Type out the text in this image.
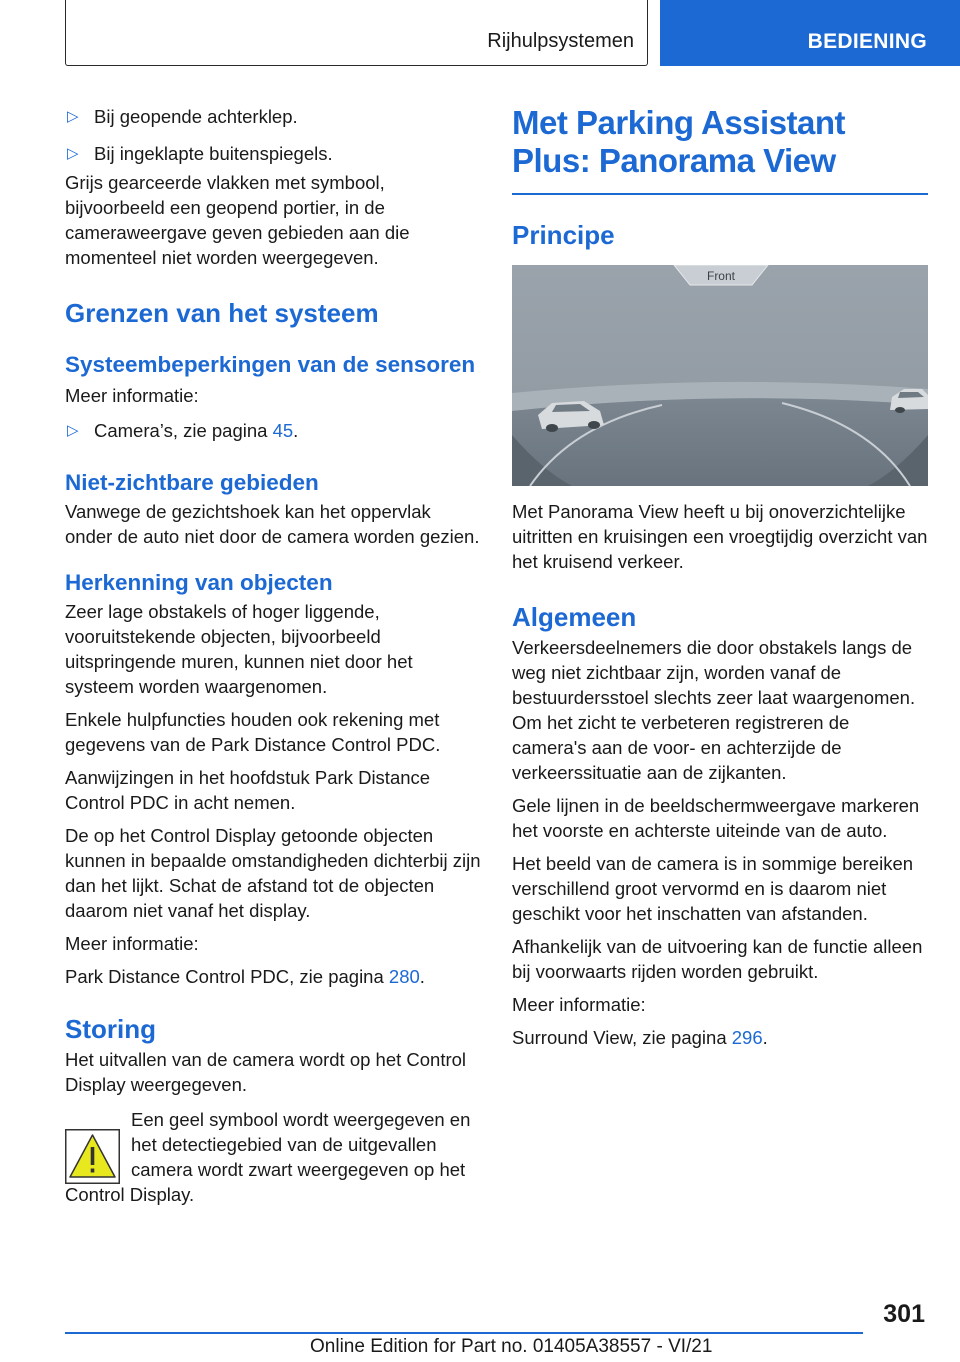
Rijhulpsystemen	BEDIENING
▷ Bij geopende achterklep.
▷ Bij ingeklapte buitenspiegels.

Grijs gearceerde vlakken met symbool, bijvoorbeeld een geopend portier, in de cameraweergave geven gebieden aan die momenteel niet worden weergegeven.

Grenzen van het systeem
Systeembeperkingen van de sensoren

Meer informatie:

▷ Camera’s, zie pagina 45.
Niet-zichtbare gebieden

Vanwege de gezichtshoek kan het oppervlak onder de auto niet door de camera worden gezien.

Herkenning van objecten

Zeer lage obstakels of hoger liggende, vooruitstekende objecten, bijvoorbeeld uitspringende muren, kunnen niet door het systeem worden waargenomen.

Enkele hulpfuncties houden ook rekening met gegevens van de Park Distance Control PDC.

Aanwijzingen in het hoofdstuk Park Distance Control PDC in acht nemen.

De op het Control Display getoonde objecten kunnen in bepaalde omstandigheden dichterbij zijn dan het lijkt. Schat de afstand tot de objecten daarom niet vanaf het display.

Meer informatie:

Park Distance Control PDC, zie pagina 280.

Storing

Het uitvallen van de camera wordt op het Control Display weergegeven.

Een geel symbool wordt weergegeven en het detectiegebied van de uitgevallen camera wordt zwart weergegeven op het
Control Display.
Met Parking Assistant Plus: Panorama View
Principe
Front

Met Panorama View heeft u bij onoverzichtelijke uitritten en kruisingen een vroegtijdig overzicht van het kruisend verkeer.

Algemeen

Verkeersdeelnemers die door obstakels langs de weg niet zichtbaar zijn, worden vanaf de bestuurdersstoel slechts zeer laat waargenomen. Om het zicht te verbeteren registreren de camera's aan de voor- en achterzijde de verkeerssituatie aan de zijkanten.

Gele lijnen in de beeldschermweergave markeren het voorste en achterste uiteinde van de auto.

Het beeld van de camera is in sommige bereiken verschillend groot vervormd en is daarom niet geschikt voor het inschatten van afstanden.

Afhankelijk van de uitvoering kan de functie alleen bij voorwaarts rijden worden gebruikt.

Meer informatie:

Surround View, zie pagina 296.

301
Online Edition for Part no. 01405A38557 - VI/21
